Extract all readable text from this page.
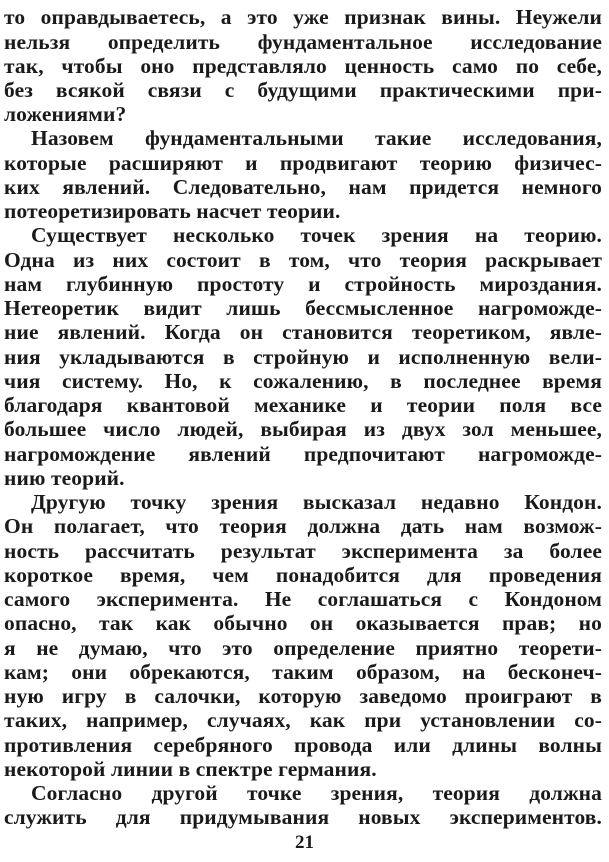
то оправдываетесь, а это уже признак вины. Неужели
нельзя определить фундаментальное исследование
так, чтобы оно представляло ценность само по себе,
без всякой связи с будущими практическими при-
ложениями?
Назовем фундаментальными такие исследования,
которые расширяют и продвигают теорию физичес-
ких явлений. Следовательно, нам придется немного
потеоретизировать насчет теории.
Существует несколько точек зрения на теорию.
Одна из них состоит в том, что теория раскрывает
нам глубинную простоту и стройность мироздания.
Нетеоретик видит лишь бессмысленное нагроможде-
ние явлений. Когда он становится теоретиком, явле-
ния укладываются в стройную и исполненную вели-
чия систему. Но, к сожалению, в последнее время
благодаря квантовой механике и теории поля все
большее число людей, выбирая из двух зол меньшее,
нагромождение явлений предпочитают нагроможде-
нию теорий.
Другую точку зрения высказал недавно Кондон.
Он полагает, что теория должна дать нам возмож-
ность рассчитать результат эксперимента за более
короткое время, чем понадобится для проведения
самого эксперимента. Не соглашаться с Кондоном
опасно, так как обычно он оказывается прав; но
я не думаю, что это определение приятно теорети-
кам; они обрекаются, таким образом, на бесконеч-
ную игру в салочки, которую заведомо проиграют в
таких, например, случаях, как при установлении со-
противления серебряного провода или длины волны
некоторой линии в спектре германия.
Согласно другой точке зрения, теория должна
служить для придумывания новых экспериментов.
21
